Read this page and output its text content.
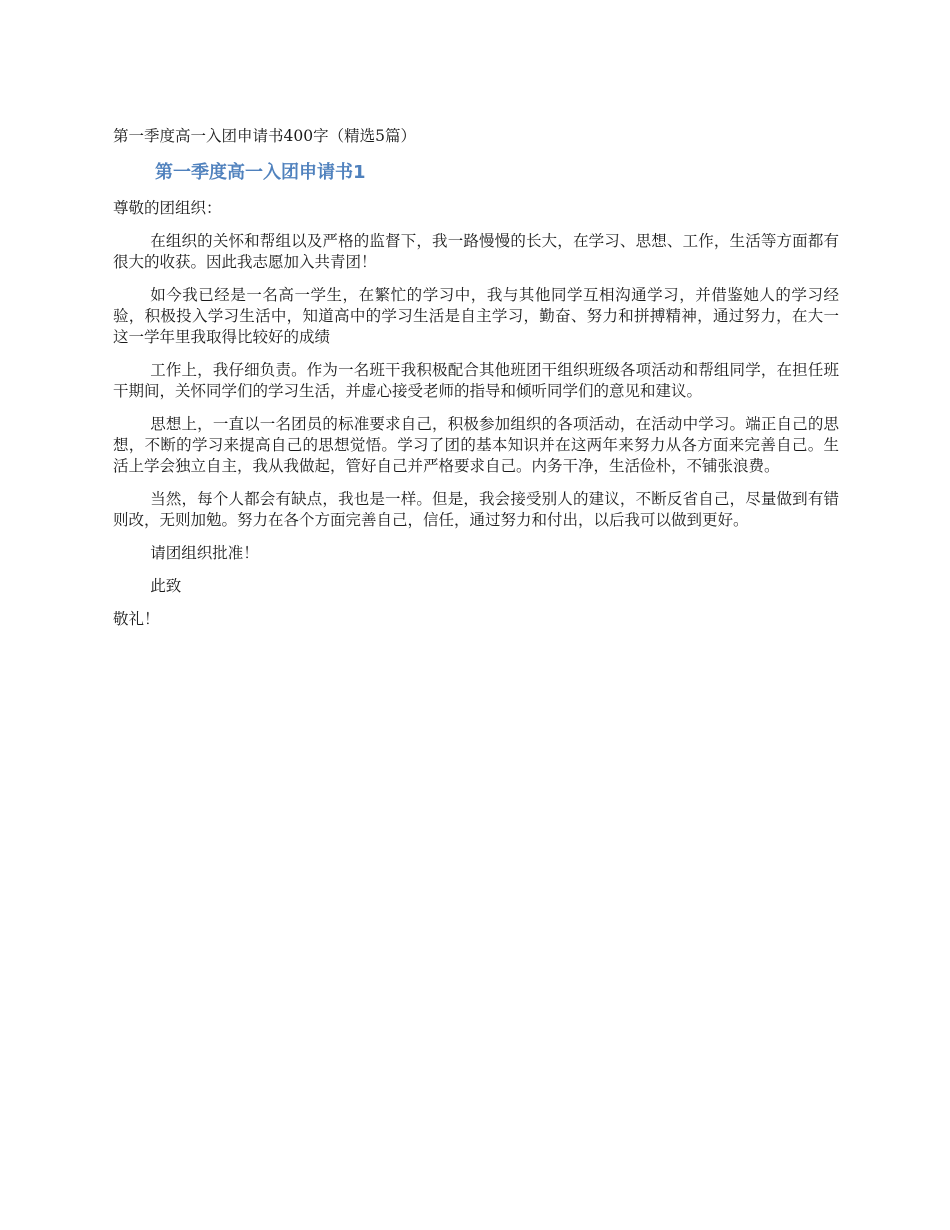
第一季度高一入团申请书400字（精选5篇）
第一季度高一入团申请书1
尊敬的团组织：

在组织的关怀和帮组以及严格的监督下，我一路慢慢的长大，在学习、思想、工作，生活等方面都有很大的收获。因此我志愿加入共青团！

如今我已经是一名高一学生，在繁忙的学习中，我与其他同学互相沟通学习，并借鉴她人的学习经验，积极投入学习生活中，知道高中的学习生活是自主学习，勤奋、努力和拼搏精神，通过努力，在大一这一学年里我取得比较好的成绩

工作上，我仔细负责。作为一名班干我积极配合其他班团干组织班级各项活动和帮组同学，在担任班干期间，关怀同学们的学习生活，并虚心接受老师的指导和倾听同学们的意见和建议。

思想上，一直以一名团员的标准要求自己，积极参加组织的各项活动，在活动中学习。端正自己的思想，不断的学习来提高自己的思想觉悟。学习了团的基本知识并在这两年来努力从各方面来完善自己。生活上学会独立自主，我从我做起，管好自己并严格要求自己。内务干净，生活俭朴，不铺张浪费。

当然，每个人都会有缺点，我也是一样。但是，我会接受别人的建议，不断反省自己，尽量做到有错则改，无则加勉。努力在各个方面完善自己，信任，通过努力和付出，以后我可以做到更好。

请团组织批准！

此致

敬礼！
